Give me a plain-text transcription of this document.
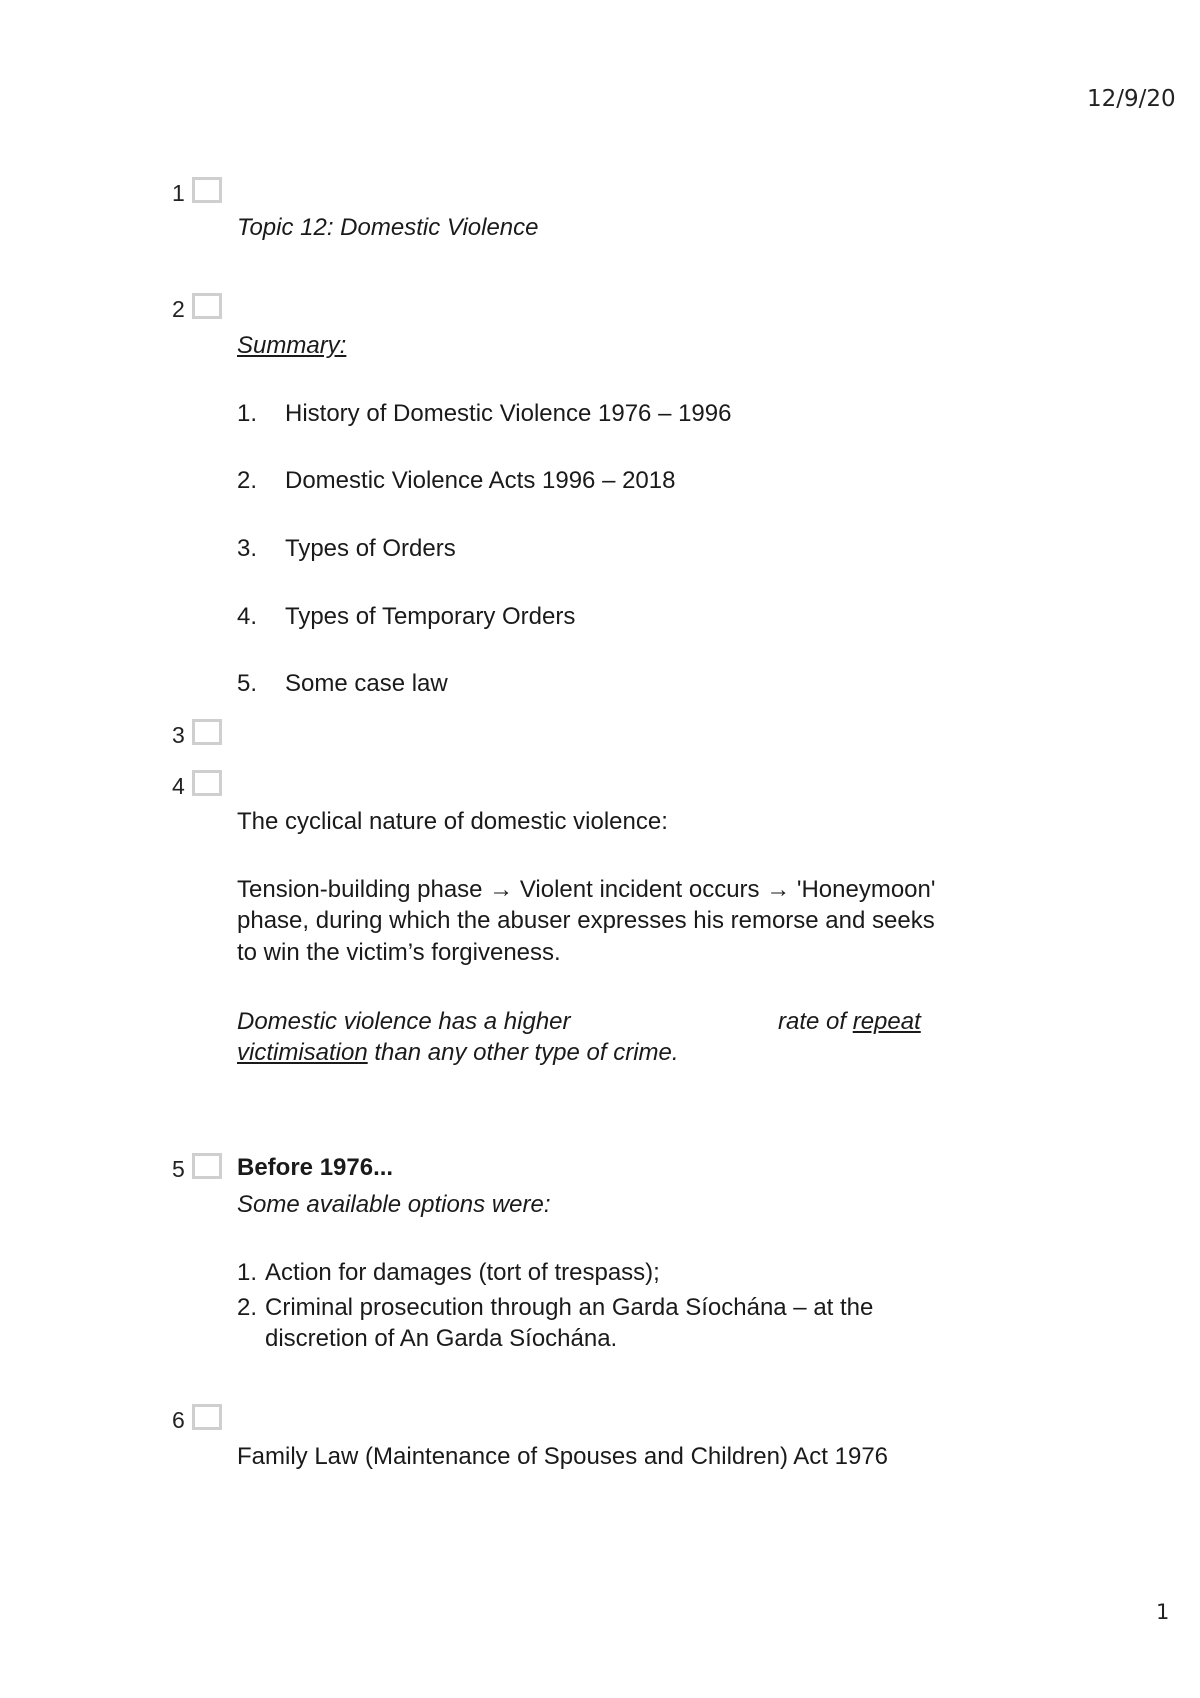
12/9/20
1
1
Topic 12: Domestic Violence
2
Summary:
1. History of Domestic Violence 1976 – 1996
2. Domestic Violence Acts 1996 – 2018
3. Types of Orders
4. Types of Temporary Orders
5. Some case law
3
4
The cyclical nature of domestic violence:
Tension-building phase → Violent incident occurs → 'Honeymoon'
phase, during which the abuser expresses his remorse and seeks
to win the victim’s forgiveness.
Domestic violence has a higher	rate of repeat
victimisation than any other type of crime.
5 Before 1976...
Some available options were:
1. Action for damages (tort of trespass);
2. Criminal prosecution through an Garda Síochána – at the
discretion of An Garda Síochána.
6
Family Law (Maintenance of Spouses and Children) Act 1976
